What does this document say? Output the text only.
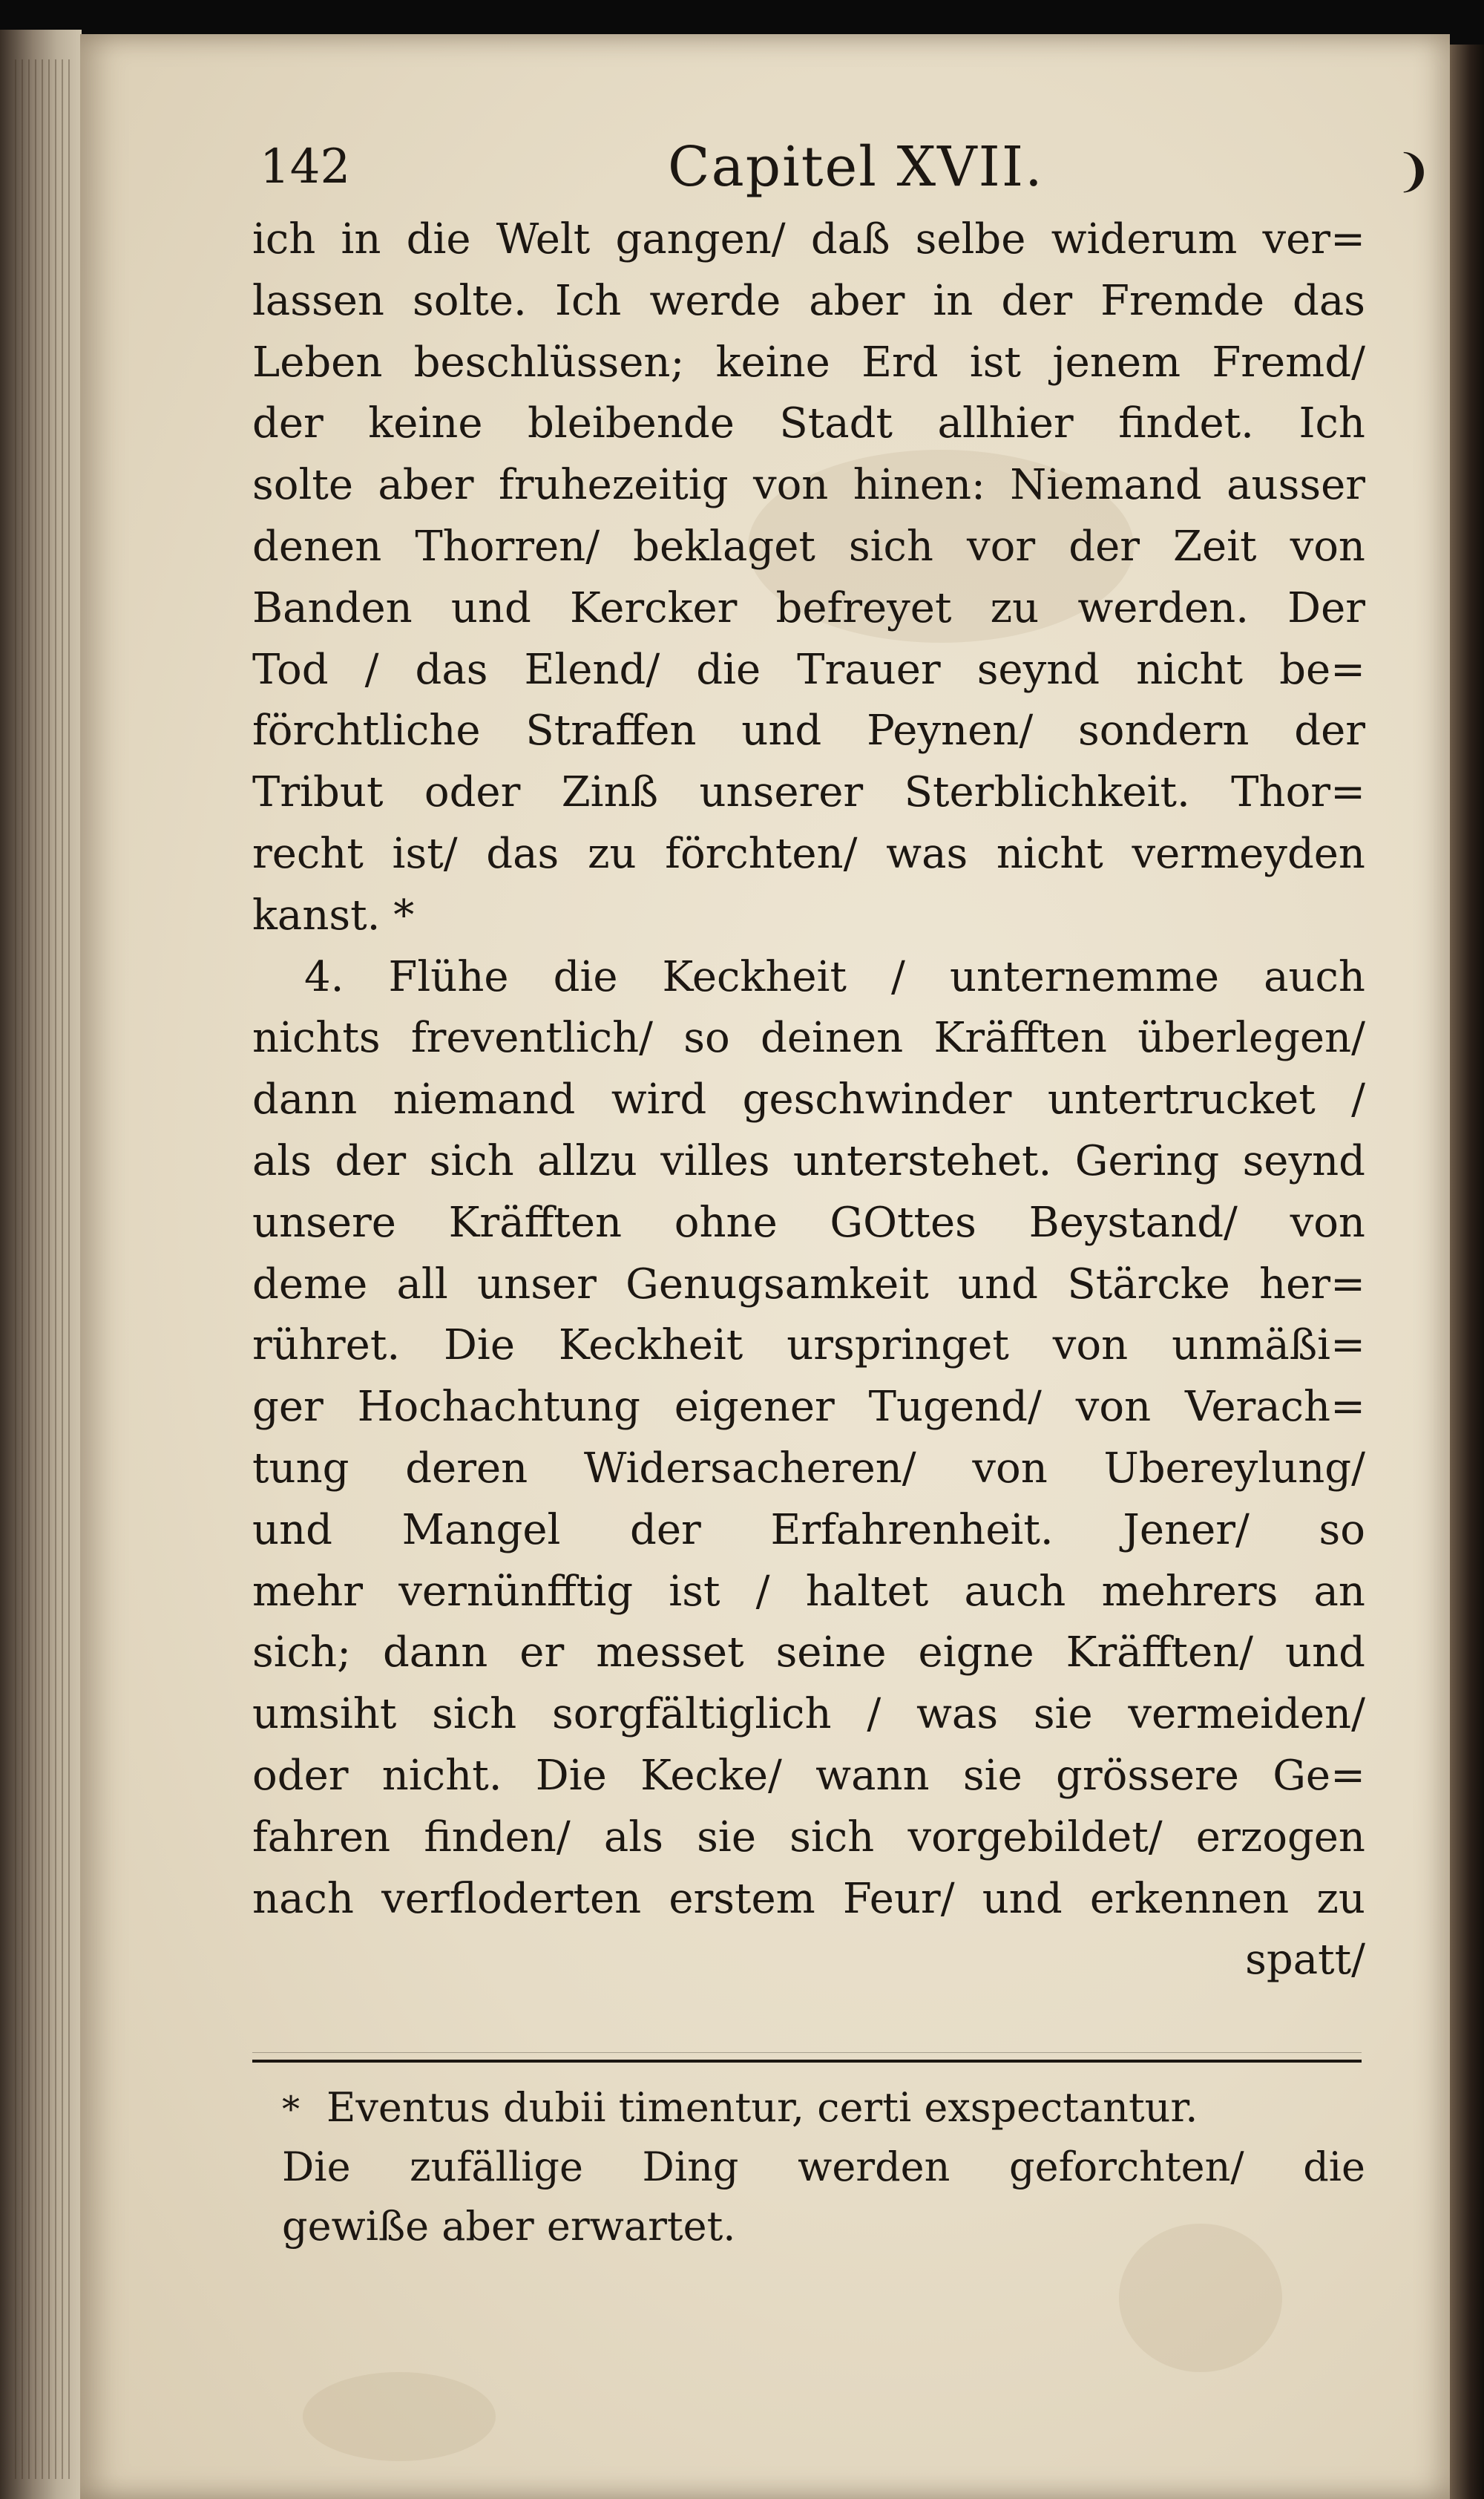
142	Capitel XVII.	❩
ich in die Welt gangen/ daß selbe widerum ver=
lassen solte. Ich werde aber in der Fremde das
Leben beschlüssen; keine Erd ist jenem Fremd/
der keine bleibende Stadt allhier findet. Ich
solte aber fruhezeitig von hinen: Niemand ausser
denen Thorren/ beklaget sich vor der Zeit von
Banden und Kercker befreyet zu werden. Der
Tod / das Elend/ die Trauer seynd nicht be=
förchtliche Straffen und Peynen/ sondern der
Tribut oder Zinß unserer Sterblichkeit. Thor=
recht ist/ das zu förchten/ was nicht vermeyden
kanst. *
4. Flühe die Keckheit / unternemme auch
nichts freventlich/ so deinen Kräfften überlegen/
dann niemand wird geschwinder untertrucket /
als der sich allzu villes unterstehet. Gering seynd
unsere Kräfften ohne GOttes Beystand/ von
deme all unser Genugsamkeit und Stärcke her=
rühret. Die Keckheit urspringet von unmäßi=
ger Hochachtung eigener Tugend/ von Verach=
tung deren Widersacheren/ von Ubereylung/
und Mangel der Erfahrenheit. Jener/ so
mehr vernünfftig ist / haltet auch mehrers an
sich; dann er messet seine eigne Kräfften/ und
umsiht sich sorgfältiglich / was sie vermeiden/
oder nicht. Die Kecke/ wann sie grössere Ge=
fahren finden/ als sie sich vorgebildet/ erzogen
nach verfloderten erstem Feur/ und erkennen zu
spatt/
* Eventus dubii timentur, certi exspectantur.
Die zufällige Ding werden geforchten/ die
gewiße aber erwartet.
